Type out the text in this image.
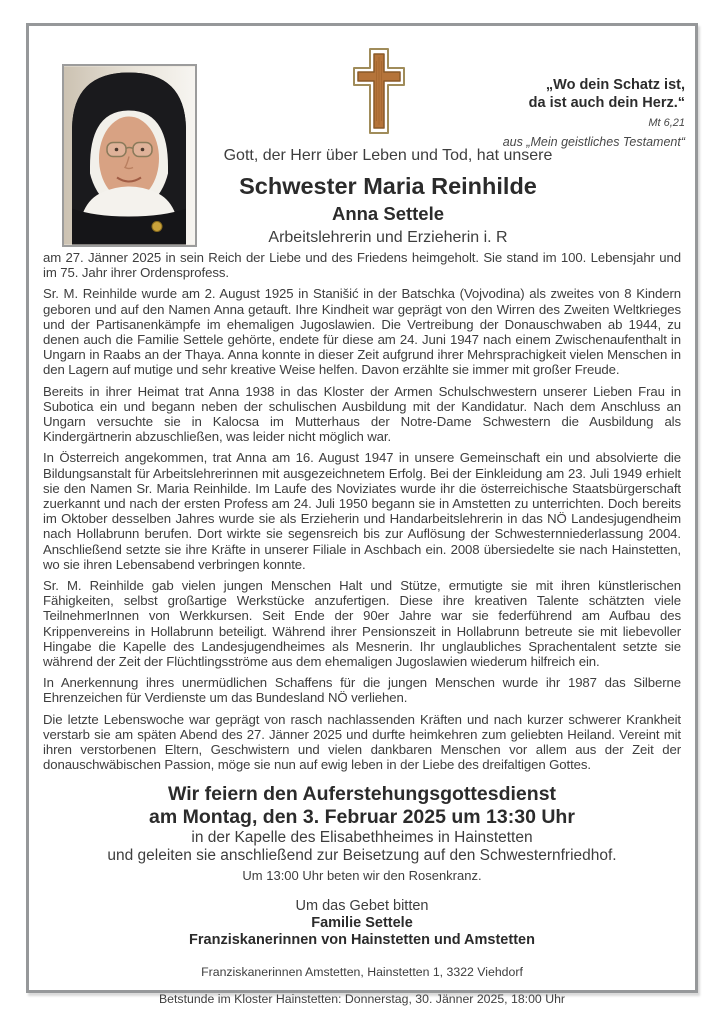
„Wo dein Schatz ist,
da ist auch dein Herz.“
Mt 6,21
aus „Mein geistliches Testament“
Gott, der Herr über Leben und Tod, hat unsere
Schwester Maria Reinhilde
Anna Settele
Arbeitslehrerin und Erzieherin i. R

am 27. Jänner 2025 in sein Reich der Liebe und des Friedens heimgeholt. Sie stand im 100. Lebensjahr und im 75. Jahr ihrer Ordensprofess.

Sr. M. Reinhilde wurde am 2. August 1925 in Stanišić in der Batschka (Vojvodina) als zweites von 8 Kindern geboren und auf den Namen Anna getauft. Ihre Kindheit war geprägt von den Wirren des Zweiten Weltkrieges und der Partisanenkämpfe im ehemaligen Jugoslawien. Die Vertreibung der Donauschwaben ab 1944, zu denen auch die Familie Settele gehörte, endete für diese am 24. Juni 1947 nach einem Zwischenaufenthalt in Ungarn in Raabs an der Thaya. Anna konnte in dieser Zeit aufgrund ihrer Mehrsprachigkeit vielen Menschen in den Lagern auf mutige und sehr kreative Weise helfen. Davon erzählte sie immer mit großer Freude.

Bereits in ihrer Heimat trat Anna 1938 in das Kloster der Armen Schulschwestern unserer Lieben Frau in Subotica ein und begann neben der schulischen Ausbildung mit der Kandidatur. Nach dem Anschluss an Ungarn versuchte sie in Kalocsa im Mutterhaus der Notre-Dame Schwestern die Ausbildung als Kindergärtnerin abzuschließen, was leider nicht möglich war.

In Österreich angekommen, trat Anna am 16. August 1947 in unsere Gemeinschaft ein und absolvierte die Bildungsanstalt für Arbeitslehrerinnen mit ausgezeichnetem Erfolg. Bei der Einkleidung am 23. Juli 1949 erhielt sie den Namen Sr. Maria Reinhilde. Im Laufe des Noviziates wurde ihr die österreichische Staatsbürgerschaft zuerkannt und nach der ersten Profess am 24. Juli 1950 begann sie in Amstetten zu unterrichten. Doch bereits im Oktober desselben Jahres wurde sie als Erzieherin und Handarbeitslehrerin in das NÖ Landesjugendheim nach Hollabrunn berufen. Dort wirkte sie segensreich bis zur Auflösung der Schwesternniederlassung 2004. Anschließend setzte sie ihre Kräfte in unserer Filiale in Aschbach ein. 2008 übersiedelte sie nach Hainstetten, wo sie ihren Lebensabend verbringen konnte.

Sr. M. Reinhilde gab vielen jungen Menschen Halt und Stütze, ermutigte sie mit ihren künstlerischen Fähigkeiten, selbst großartige Werkstücke anzufertigen. Diese ihre kreativen Talente schätzten viele TeilnehmerInnen von Werkkursen. Seit Ende der 90er Jahre war sie federführend am Aufbau des Krippenvereins in Hollabrunn beteiligt. Während ihrer Pensionszeit in Hollabrunn betreute sie mit liebevoller Hingabe die Kapelle des Landesjugendheimes als Mesnerin. Ihr unglaubliches Sprachentalent setzte sie während der Zeit der Flüchtlingsströme aus dem ehemaligen Jugoslawien wiederum hilfreich ein.

In Anerkennung ihres unermüdlichen Schaffens für die jungen Menschen wurde ihr 1987 das Silberne Ehrenzeichen für Verdienste um das Bundesland NÖ verliehen.

Die letzte Lebenswoche war geprägt von rasch nachlassenden Kräften und nach kurzer schwerer Krankheit verstarb sie am späten Abend des 27. Jänner 2025 und durfte heimkehren zum geliebten Heiland. Vereint mit ihren verstorbenen Eltern, Geschwistern und vielen dankbaren Menschen vor allem aus der Zeit der donauschwäbischen Passion, möge sie nun auf ewig leben in der Liebe des dreifaltigen Gottes.

Wir feiern den Auferstehungsgottesdienst
am Montag, den 3. Februar 2025 um 13:30 Uhr
in der Kapelle des Elisabethheimes in Hainstetten
und geleiten sie anschließend zur Beisetzung auf den Schwesternfriedhof.
Um 13:00 Uhr beten wir den Rosenkranz.
Um das Gebet bitten
Familie Settele
Franziskanerinnen von Hainstetten und Amstetten
Franziskanerinnen Amstetten, Hainstetten 1, 3322 Viehdorf
Betstunde im Kloster Hainstetten: Donnerstag, 30. Jänner 2025, 18:00 Uhr
